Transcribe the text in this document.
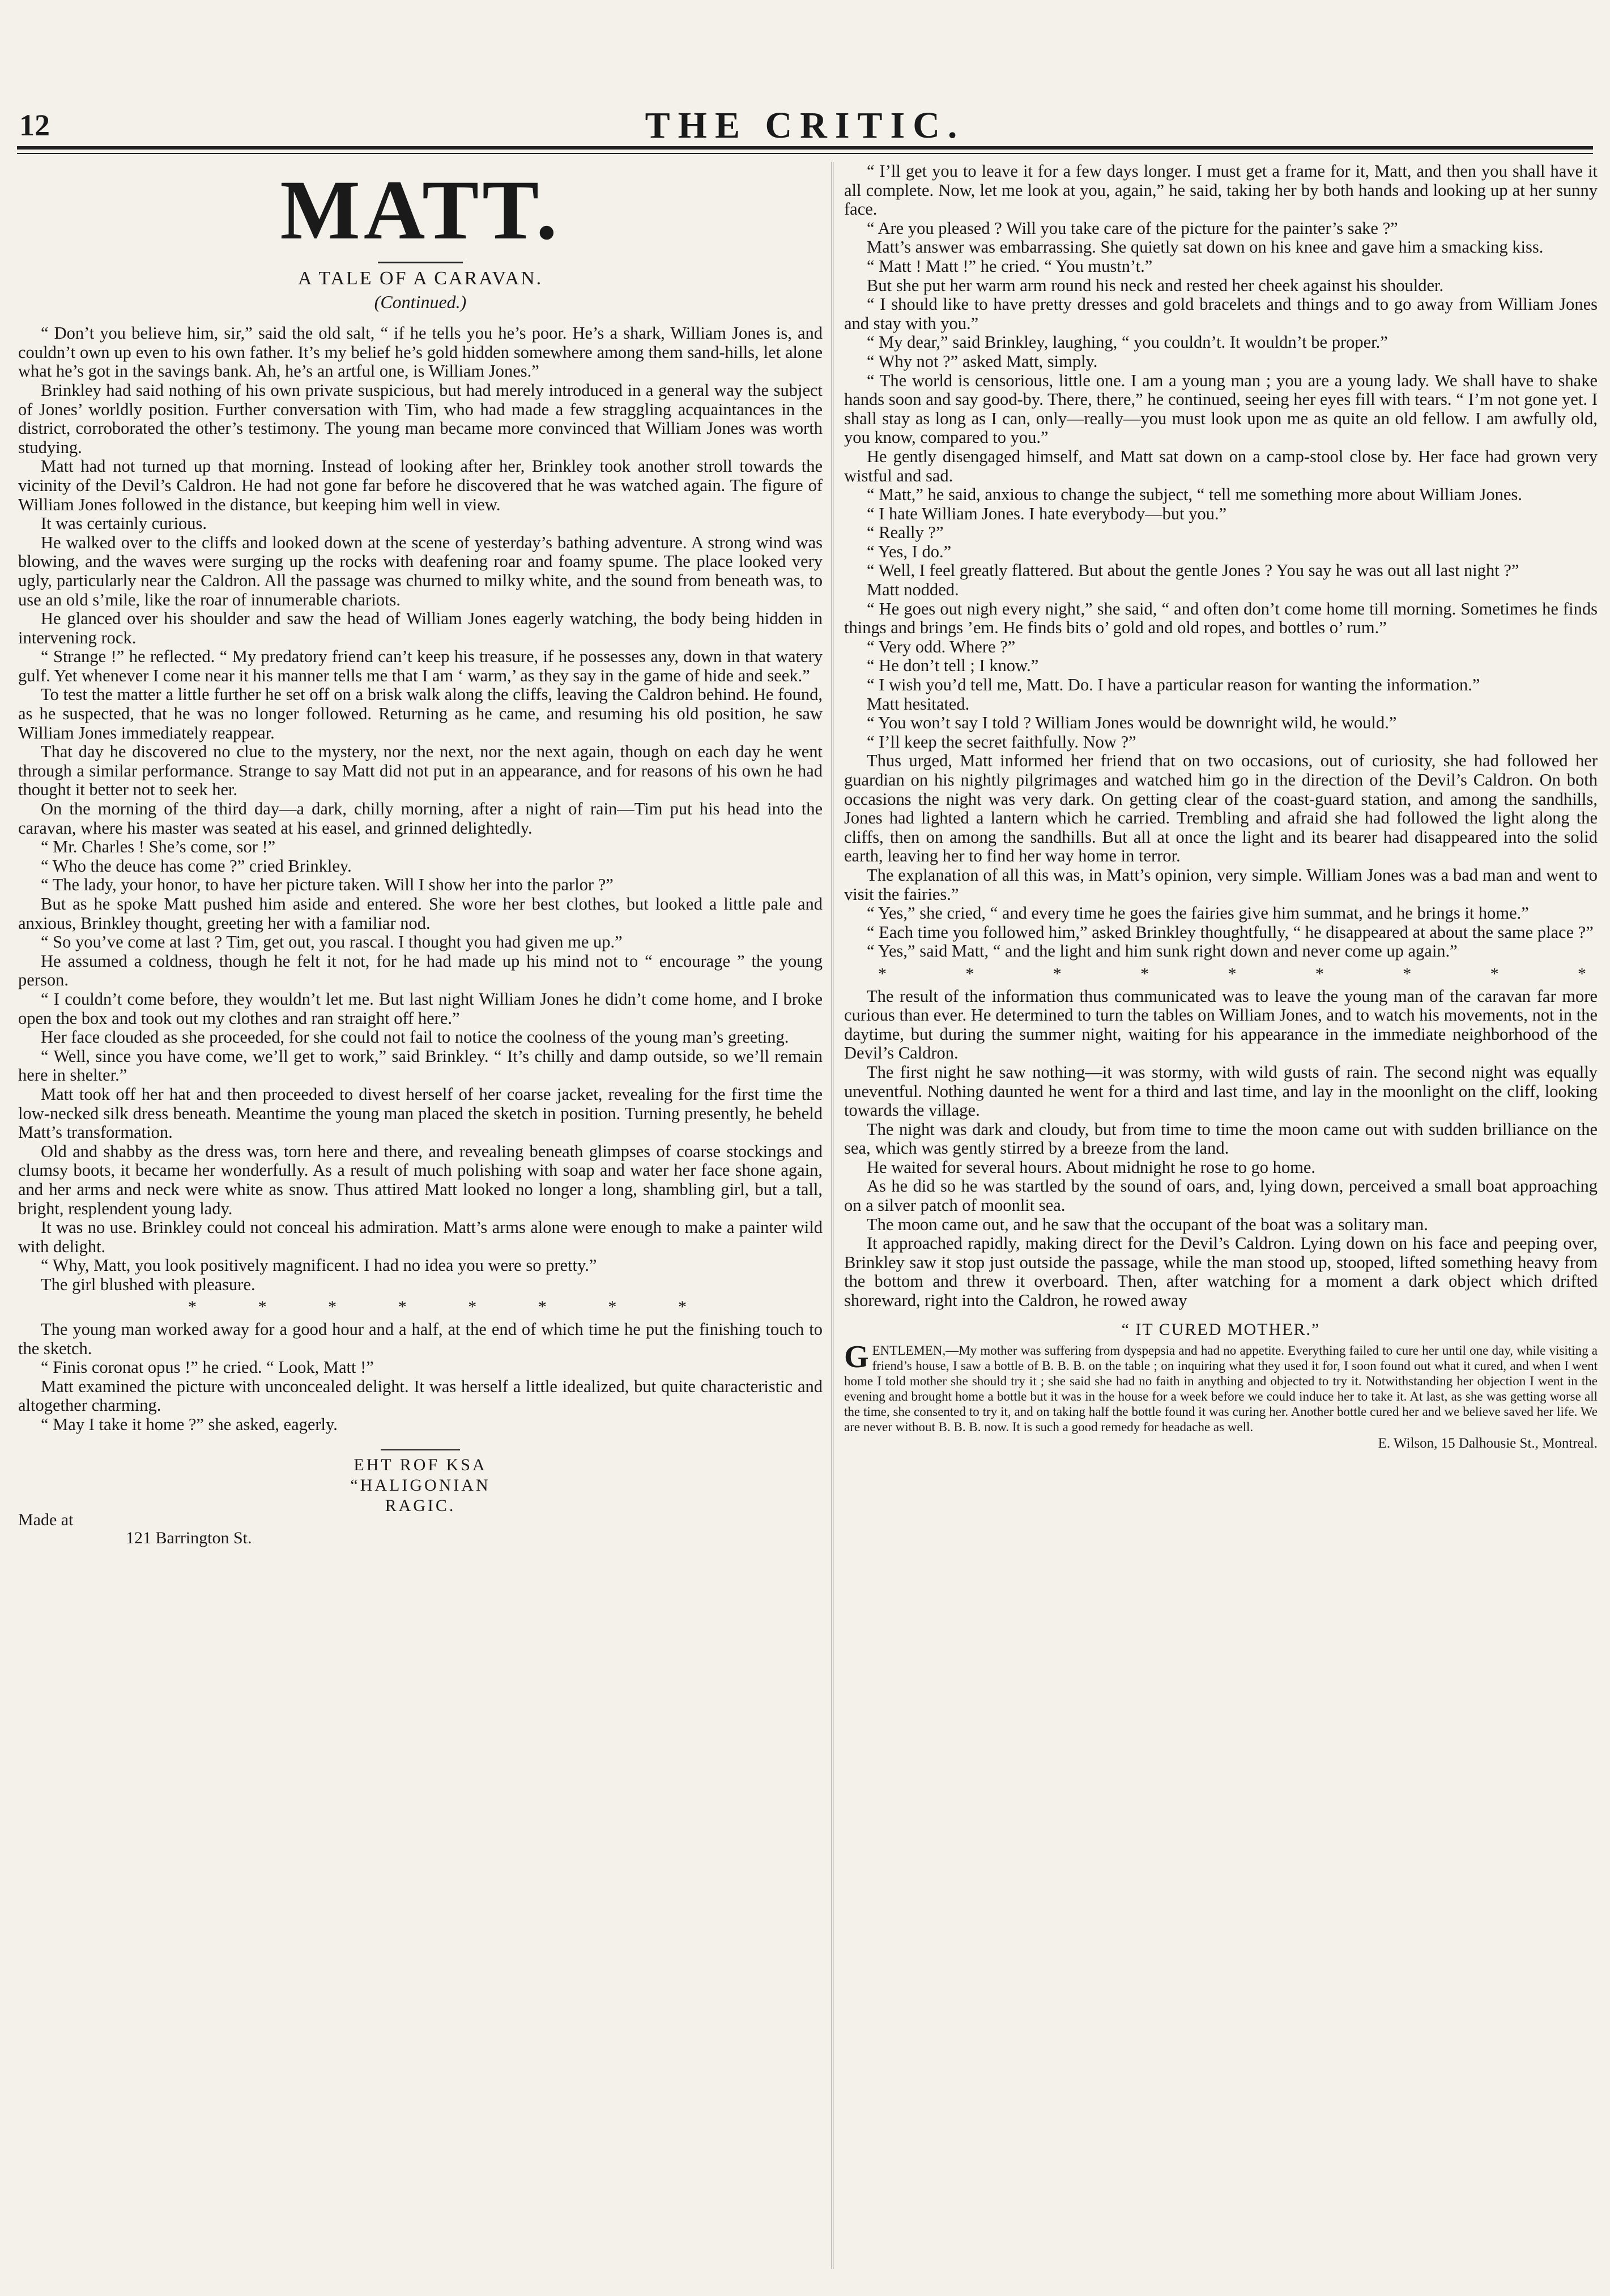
12	THE CRITIC.
MATT.
A TALE OF A CARAVAN.
(Continued.)

“ Don’t you believe him, sir,” said the old salt, “ if he tells you he’s poor. He’s a shark, William Jones is, and couldn’t own up even to his own father. It’s my belief he’s gold hidden somewhere among them sand-hills, let alone what he’s got in the savings bank. Ah, he’s an artful one, is William Jones.”

Brinkley had said nothing of his own private suspicious, but had merely introduced in a general way the subject of Jones’ worldly position. Further conversation with Tim, who had made a few straggling acquaintances in the district, corroborated the other’s testimony. The young man became more convinced that William Jones was worth studying.

Matt had not turned up that morning. Instead of looking after her, Brinkley took another stroll towards the vicinity of the Devil’s Caldron. He had not gone far before he discovered that he was watched again. The figure of William Jones followed in the distance, but keeping him well in view.

It was certainly curious.

He walked over to the cliffs and looked down at the scene of yesterday’s bathing adventure. A strong wind was blowing, and the waves were surging up the rocks with deafening roar and foamy spume. The place looked very ugly, particularly near the Caldron. All the passage was churned to milky white, and the sound from beneath was, to use an old s’mile, like the roar of innumerable chariots.

He glanced over his shoulder and saw the head of William Jones eagerly watching, the body being hidden in intervening rock.

“ Strange !” he reflected. “ My predatory friend can’t keep his treasure, if he possesses any, down in that watery gulf. Yet whenever I come near it his manner tells me that I am ‘ warm,’ as they say in the game of hide and seek.”

To test the matter a little further he set off on a brisk walk along the cliffs, leaving the Caldron behind. He found, as he suspected, that he was no longer followed. Returning as he came, and resuming his old position, he saw William Jones immediately reappear.

That day he discovered no clue to the mystery, nor the next, nor the next again, though on each day he went through a similar performance. Strange to say Matt did not put in an appearance, and for reasons of his own he had thought it better not to seek her.

On the morning of the third day—a dark, chilly morning, after a night of rain—Tim put his head into the caravan, where his master was seated at his easel, and grinned delightedly.

“ Mr. Charles ! She’s come, sor !”

“ Who the deuce has come ?” cried Brinkley.

“ The lady, your honor, to have her picture taken. Will I show her into the parlor ?”

But as he spoke Matt pushed him aside and entered. She wore her best clothes, but looked a little pale and anxious, Brinkley thought, greeting her with a familiar nod.

“ So you’ve come at last ? Tim, get out, you rascal. I thought you had given me up.”

He assumed a coldness, though he felt it not, for he had made up his mind not to “ encourage ” the young person.

“ I couldn’t come before, they wouldn’t let me. But last night William Jones he didn’t come home, and I broke open the box and took out my clothes and ran straight off here.”

Her face clouded as she proceeded, for she could not fail to notice the coolness of the young man’s greeting.

“ Well, since you have come, we’ll get to work,” said Brinkley. “ It’s chilly and damp outside, so we’ll remain here in shelter.”

Matt took off her hat and then proceeded to divest herself of her coarse jacket, revealing for the first time the low-necked silk dress beneath. Meantime the young man placed the sketch in position. Turning presently, he beheld Matt’s transformation.

Old and shabby as the dress was, torn here and there, and revealing beneath glimpses of coarse stockings and clumsy boots, it became her wonderfully. As a result of much polishing with soap and water her face shone again, and her arms and neck were white as snow. Thus attired Matt looked no longer a long, shambling girl, but a tall, bright, resplendent young lady.

It was no use. Brinkley could not conceal his admiration. Matt’s arms alone were enough to make a painter wild with delight.

“ Why, Matt, you look positively magnificent. I had no idea you were so pretty.”

The girl blushed with pleasure.

*	*	*	*	*	*	*	*

The young man worked away for a good hour and a half, at the end of which time he put the finishing touch to the sketch.

“ Finis coronat opus !” he cried. “ Look, Matt !”

Matt examined the picture with unconcealed delight. It was herself a little idealized, but quite characteristic and altogether charming.

“ May I take it home ?” she asked, eagerly.

EHT ROF KSA
“HALIGONIAN
RAGIC.
Made at
121 Barrington St.

“ I’ll get you to leave it for a few days longer. I must get a frame for it, Matt, and then you shall have it all complete. Now, let me look at you, again,” he said, taking her by both hands and looking up at her sunny face.

“ Are you pleased ? Will you take care of the picture for the painter’s sake ?”

Matt’s answer was embarrassing. She quietly sat down on his knee and gave him a smacking kiss.

“ Matt ! Matt !” he cried. “ You mustn’t.”

But she put her warm arm round his neck and rested her cheek against his shoulder.

“ I should like to have pretty dresses and gold bracelets and things and to go away from William Jones and stay with you.”

“ My dear,” said Brinkley, laughing, “ you couldn’t. It wouldn’t be proper.”

“ Why not ?” asked Matt, simply.

“ The world is censorious, little one. I am a young man ; you are a young lady. We shall have to shake hands soon and say good-by. There, there,” he continued, seeing her eyes fill with tears. “ I’m not gone yet. I shall stay as long as I can, only—really—you must look upon me as quite an old fellow. I am awfully old, you know, compared to you.”

He gently disengaged himself, and Matt sat down on a camp-stool close by. Her face had grown very wistful and sad.

“ Matt,” he said, anxious to change the subject, “ tell me something more about William Jones.

“ I hate William Jones. I hate everybody—but you.”

“ Really ?”

“ Yes, I do.”

“ Well, I feel greatly flattered. But about the gentle Jones ? You say he was out all last night ?”

Matt nodded.

“ He goes out nigh every night,” she said, “ and often don’t come home till morning. Sometimes he finds things and brings ’em. He finds bits o’ gold and old ropes, and bottles o’ rum.”

“ Very odd. Where ?”

“ He don’t tell ; I know.”

“ I wish you’d tell me, Matt. Do. I have a particular reason for wanting the information.”

Matt hesitated.

“ You won’t say I told ? William Jones would be downright wild, he would.”

“ I’ll keep the secret faithfully. Now ?”

Thus urged, Matt informed her friend that on two occasions, out of curiosity, she had followed her guardian on his nightly pilgrimages and watched him go in the direction of the Devil’s Caldron. On both occasions the night was very dark. On getting clear of the coast-guard station, and among the sandhills, Jones had lighted a lantern which he carried. Trembling and afraid she had followed the light along the cliffs, then on among the sandhills. But all at once the light and its bearer had disappeared into the solid earth, leaving her to find her way home in terror.

The explanation of all this was, in Matt’s opinion, very simple. William Jones was a bad man and went to visit the fairies.”

“ Yes,” she cried, “ and every time he goes the fairies give him summat, and he brings it home.”

“ Each time you followed him,” asked Brinkley thoughtfully, “ he disappeared at about the same place ?”

“ Yes,” said Matt, “ and the light and him sunk right down and never come up again.”

*	*	*	*	*	*	*	*	*

The result of the information thus communicated was to leave the young man of the caravan far more curious than ever. He determined to turn the tables on William Jones, and to watch his movements, not in the daytime, but during the summer night, waiting for his appearance in the immediate neighborhood of the Devil’s Caldron.

The first night he saw nothing—it was stormy, with wild gusts of rain. The second night was equally uneventful. Nothing daunted he went for a third and last time, and lay in the moonlight on the cliff, looking towards the village.

The night was dark and cloudy, but from time to time the moon came out with sudden brilliance on the sea, which was gently stirred by a breeze from the land.

He waited for several hours. About midnight he rose to go home.

As he did so he was startled by the sound of oars, and, lying down, perceived a small boat approaching on a silver patch of moonlit sea.

The moon came out, and he saw that the occupant of the boat was a solitary man.

It approached rapidly, making direct for the Devil’s Caldron. Lying down on his face and peeping over, Brinkley saw it stop just outside the passage, while the man stood up, stooped, lifted something heavy from the bottom and threw it overboard. Then, after watching for a moment a dark object which drifted shoreward, right into the Caldron, he rowed away

“ IT CURED MOTHER.”
GENTLEMEN,—My mother was suffering from dyspepsia and had no appetite. Everything failed to cure her until one day, while visiting a friend’s house, I saw a bottle of B. B. B. on the table ; on inquiring what they used it for, I soon found out what it cured, and when I went home I told mother she should try it ; she said she had no faith in anything and objected to try it. Notwithstanding her objection I went in the evening and brought home a bottle but it was in the house for a week before we could induce her to take it. At last, as she was getting worse all the time, she consented to try it, and on taking half the bottle found it was curing her. Another bottle cured her and we believe saved her life. We are never without B. B. B. now. It is such a good remedy for headache as well.
E. Wilson, 15 Dalhousie St., Montreal.
